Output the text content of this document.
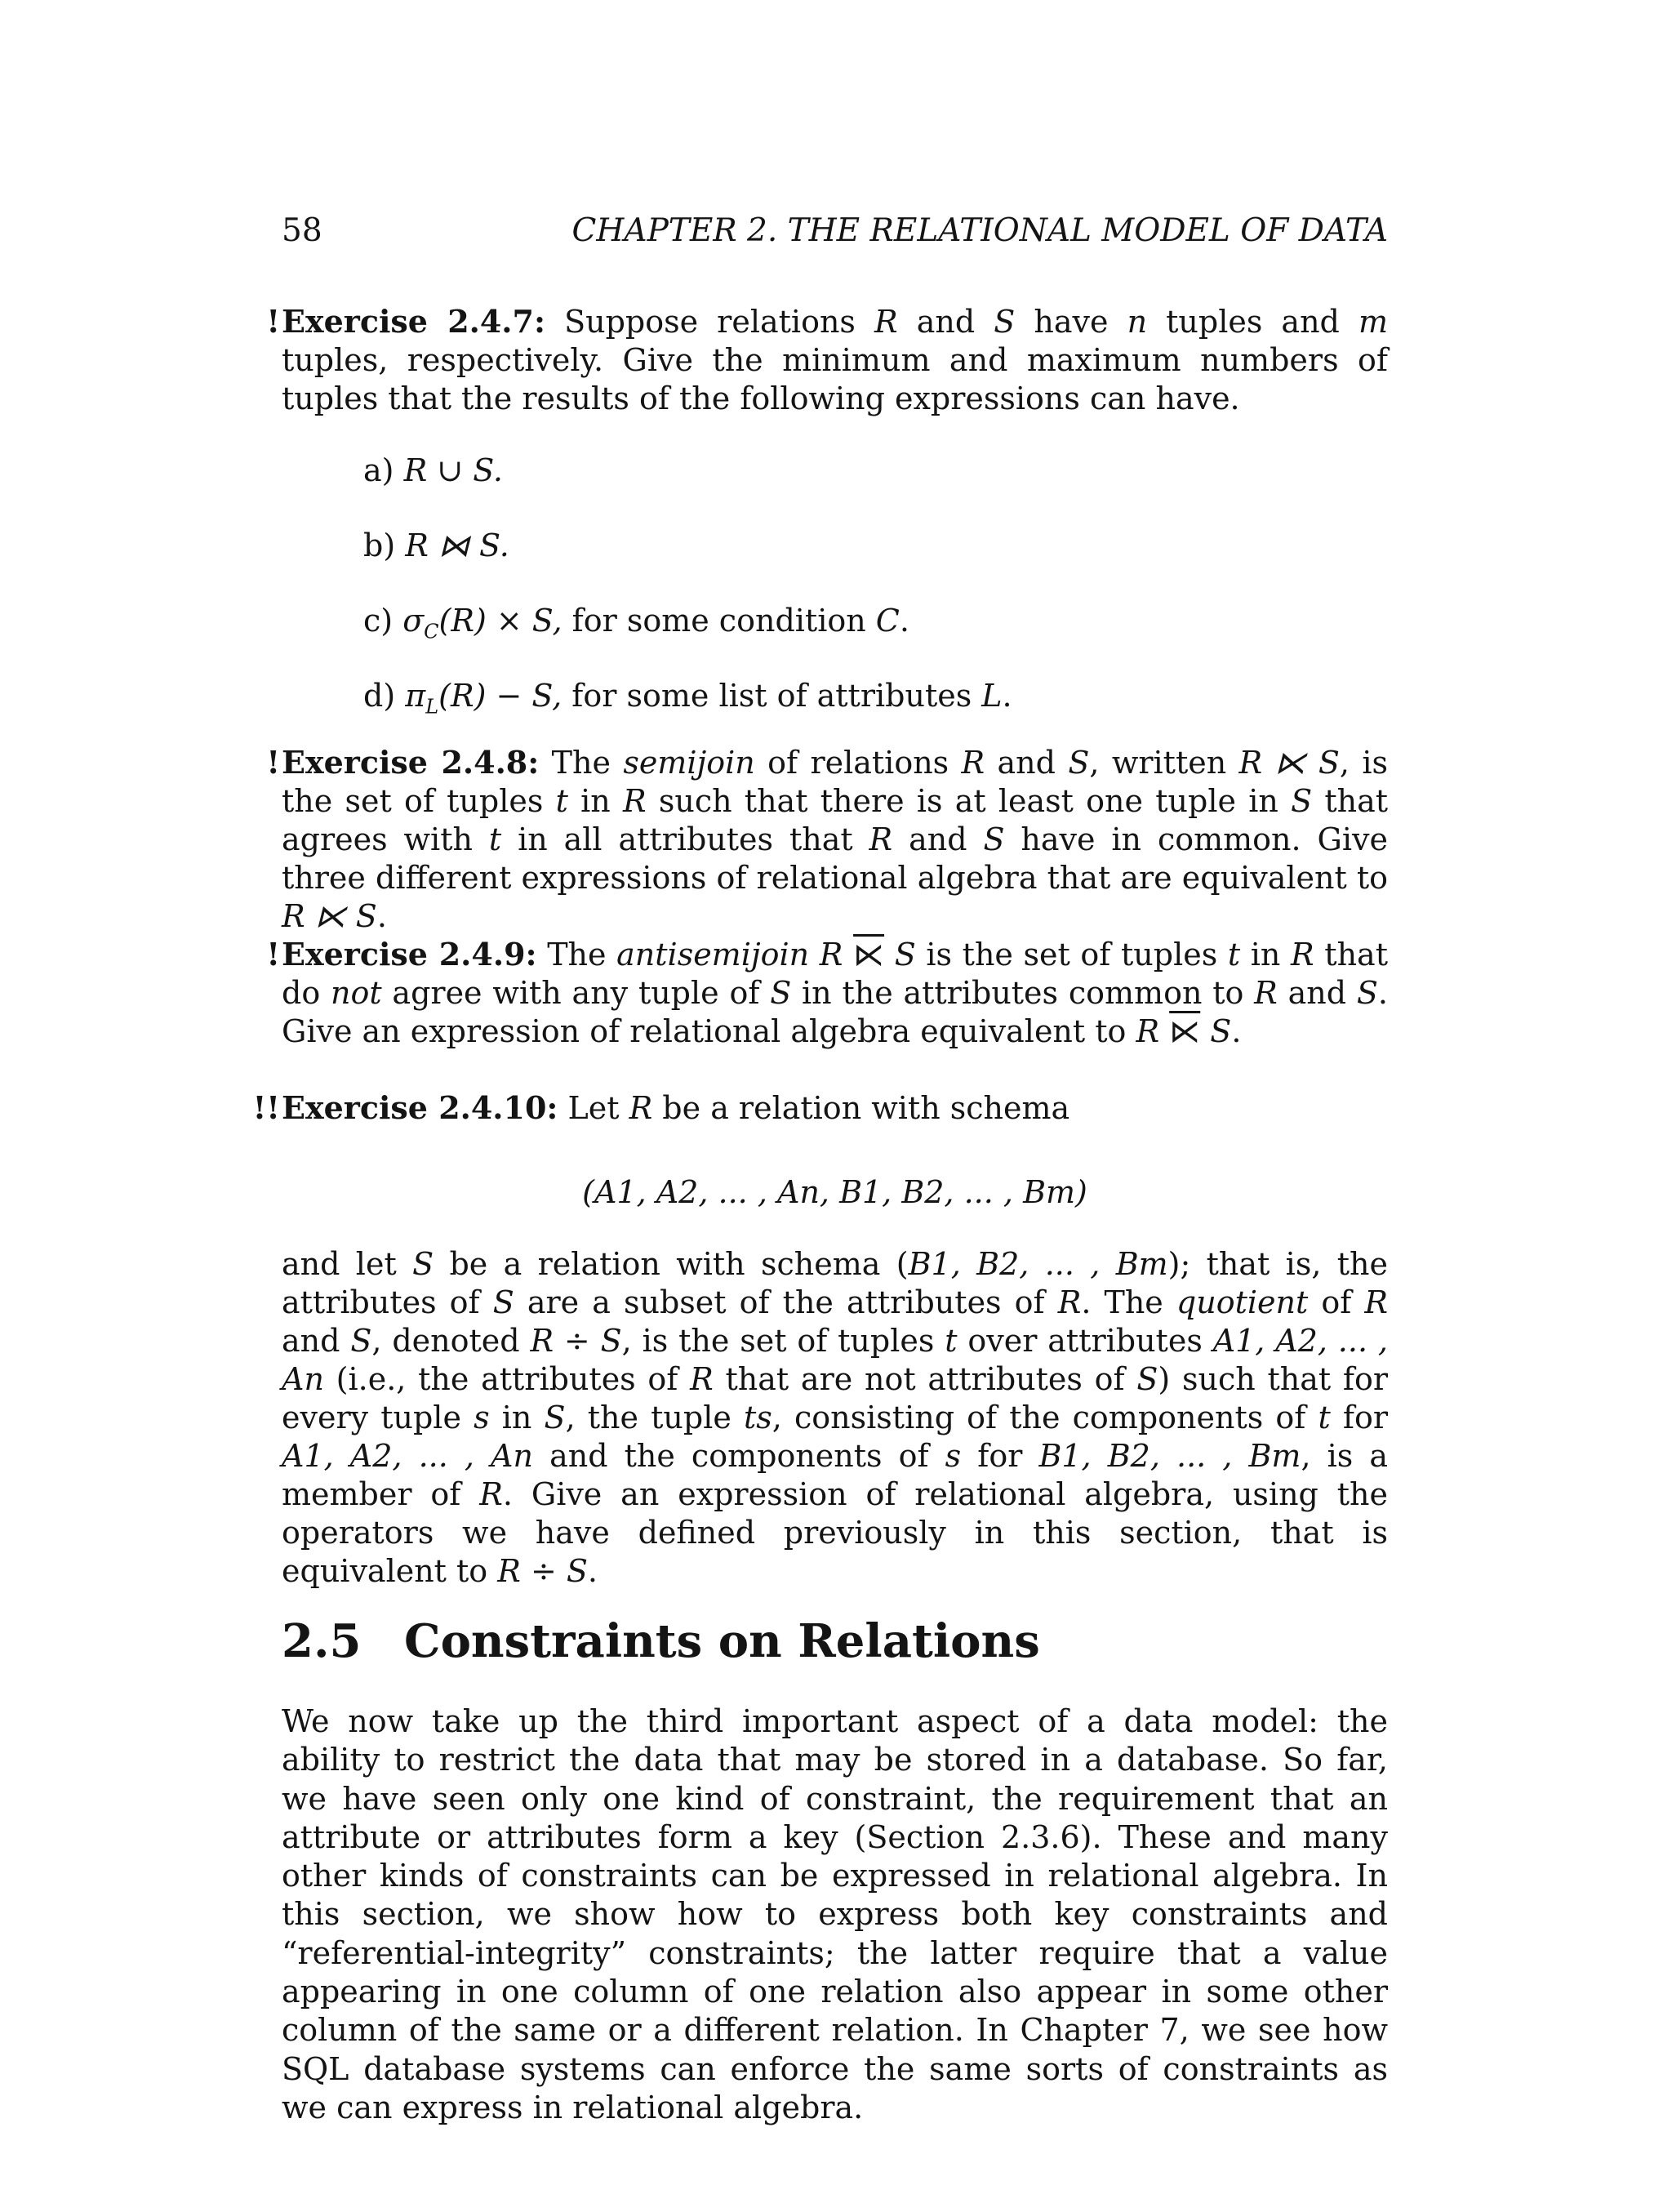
58	CHAPTER 2. THE RELATIONAL MODEL OF DATA
! Exercise 2.4.7: Suppose relations R and S have n tuples and m tuples, respectively. Give the minimum and maximum numbers of tuples that the results of the following expressions can have.
a) R ∪ S.
b) R ⋈ S.
c) $\sigma_C(R) \times S$, for some condition C.
d) $\pi_L(R) - S$, for some list of attributes L.
! Exercise 2.4.8: The semijoin of relations R and S, written R ⋉ S, is the set of tuples t in R such that there is at least one tuple in S that agrees with t in all attributes that R and S have in common. Give three different expressions of relational algebra that are equivalent to R ⋉ S.
! Exercise 2.4.9: The antisemijoin R ⋉ S is the set of tuples t in R that do not agree with any tuple of S in the attributes common to R and S. Give an expression of relational algebra equivalent to R ⋉ S.
!! Exercise 2.4.10: Let R be a relation with schema
(A1, A2, ... , An, B1, B2, ... , Bm)
and let S be a relation with schema (B1, B2, ... , Bm); that is, the attributes of S are a subset of the attributes of R. The quotient of R and S, denoted R ÷ S, is the set of tuples t over attributes A1, A2, ... , An (i.e., the attributes of R that are not attributes of S) such that for every tuple s in S, the tuple ts, consisting of the components of t for A1, A2, ... , An and the components of s for B1, B2, ... , Bm, is a member of R. Give an expression of relational algebra, using the operators we have defined previously in this section, that is equivalent to R ÷ S.
2.5 Constraints on Relations
We now take up the third important aspect of a data model: the ability to restrict the data that may be stored in a database. So far, we have seen only one kind of constraint, the requirement that an attribute or attributes form a key (Section 2.3.6). These and many other kinds of constraints can be expressed in relational algebra. In this section, we show how to express both key constraints and “referential-integrity” constraints; the latter require that a value appearing in one column of one relation also appear in some other column of the same or a different relation. In Chapter 7, we see how SQL database systems can enforce the same sorts of constraints as we can express in relational algebra.
